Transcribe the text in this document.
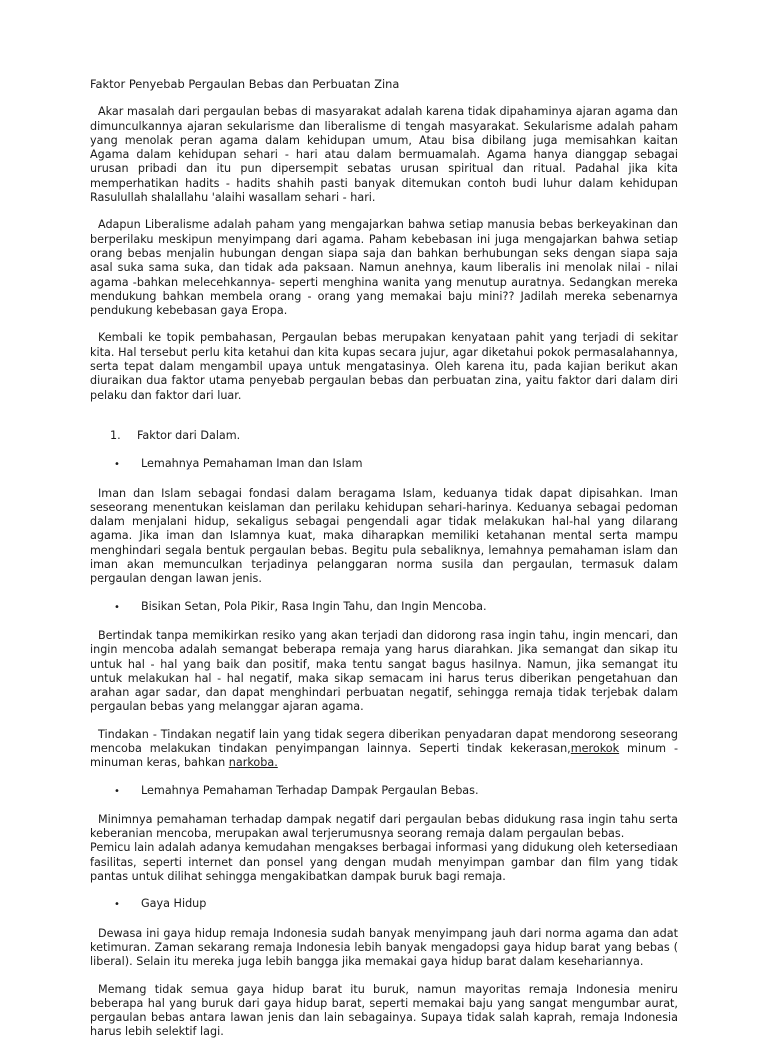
Faktor Penyebab Pergaulan Bebas dan Perbuatan Zina

Akar masalah dari pergaulan bebas di masyarakat adalah karena tidak dipahaminya ajaran agama dan dimunculkannya ajaran sekularisme dan liberalisme di tengah masyarakat. Sekularisme adalah paham yang menolak peran agama dalam kehidupan umum, Atau bisa dibilang juga memisahkan kaitan Agama dalam kehidupan sehari - hari atau dalam bermuamalah. Agama hanya dianggap sebagai urusan pribadi dan itu pun dipersempit sebatas urusan spiritual dan ritual. Padahal jika kita memperhatikan hadits - hadits shahih pasti banyak ditemukan contoh budi luhur dalam kehidupan Rasulullah shalallahu 'alaihi wasallam sehari - hari.

Adapun Liberalisme adalah paham yang mengajarkan bahwa setiap manusia bebas berkeyakinan dan berperilaku meskipun menyimpang dari agama. Paham kebebasan ini juga mengajarkan bahwa setiap orang bebas menjalin hubungan dengan siapa saja dan bahkan berhubungan seks dengan siapa saja asal suka sama suka, dan tidak ada paksaan. Namun anehnya, kaum liberalis ini menolak nilai - nilai agama -bahkan melecehkannya- seperti menghina wanita yang menutup auratnya. Sedangkan mereka mendukung bahkan membela orang - orang yang memakai baju mini?? Jadilah mereka sebenarnya pendukung kebebasan gaya Eropa.

Kembali ke topik pembahasan, Pergaulan bebas merupakan kenyataan pahit yang terjadi di sekitar kita. Hal tersebut perlu kita ketahui dan kita kupas secara jujur, agar diketahui pokok permasalahannya, serta tepat dalam mengambil upaya untuk mengatasinya. Oleh karena itu, pada kajian berikut akan diuraikan dua faktor utama penyebab pergaulan bebas dan perbuatan zina, yaitu faktor dari dalam diri pelaku dan faktor dari luar.

1.	Faktor dari Dalam.
•	Lemahnya Pemahaman Iman dan Islam

Iman dan Islam sebagai fondasi dalam beragama Islam, keduanya tidak dapat dipisahkan. Iman seseorang menentukan keislaman dan perilaku kehidupan sehari-harinya. Keduanya sebagai pedoman dalam menjalani hidup, sekaligus sebagai pengendali agar tidak melakukan hal-hal yang dilarang agama. Jika iman dan Islamnya kuat, maka diharapkan memiliki ketahanan mental serta mampu menghindari segala bentuk pergaulan bebas. Begitu pula sebaliknya, lemahnya pemahaman islam dan iman akan memunculkan terjadinya pelanggaran norma susila dan pergaulan, termasuk dalam pergaulan dengan lawan jenis.

•	Bisikan Setan, Pola Pikir, Rasa Ingin Tahu, dan Ingin Mencoba.

Bertindak tanpa memikirkan resiko yang akan terjadi dan didorong rasa ingin tahu, ingin mencari, dan ingin mencoba adalah semangat beberapa remaja yang harus diarahkan. Jika semangat dan sikap itu untuk hal - hal yang baik dan positif, maka tentu sangat bagus hasilnya. Namun, jika semangat itu untuk melakukan hal - hal negatif, maka sikap semacam ini harus terus diberikan pengetahuan dan arahan agar sadar, dan dapat menghindari perbuatan negatif, sehingga remaja tidak terjebak dalam pergaulan bebas yang melanggar ajaran agama.

Tindakan - Tindakan negatif lain yang tidak segera diberikan penyadaran dapat mendorong seseorang mencoba melakukan tindakan penyimpangan lainnya. Seperti tindak kekerasan,merokok minum - minuman keras, bahkan narkoba.

•	Lemahnya Pemahaman Terhadap Dampak Pergaulan Bebas.

Minimnya pemahaman terhadap dampak negatif dari pergaulan bebas didukung rasa ingin tahu serta keberanian mencoba, merupakan awal terjerumusnya seorang remaja dalam pergaulan bebas.
Pemicu lain adalah adanya kemudahan mengakses berbagai informasi yang didukung oleh ketersediaan fasilitas, seperti internet dan ponsel yang dengan mudah menyimpan gambar dan film yang tidak pantas untuk dilihat sehingga mengakibatkan dampak buruk bagi remaja.

•	Gaya Hidup

Dewasa ini gaya hidup remaja Indonesia sudah banyak menyimpang jauh dari norma agama dan adat ketimuran. Zaman sekarang remaja Indonesia lebih banyak mengadopsi gaya hidup barat yang bebas ( liberal). Selain itu mereka juga lebih bangga jika memakai gaya hidup barat dalam kesehariannya.

Memang tidak semua gaya hidup barat itu buruk, namun mayoritas remaja Indonesia meniru beberapa hal yang buruk dari gaya hidup barat, seperti memakai baju yang sangat mengumbar aurat, pergaulan bebas antara lawan jenis dan lain sebagainya. Supaya tidak salah kaprah, remaja Indonesia harus lebih selektif lagi.
